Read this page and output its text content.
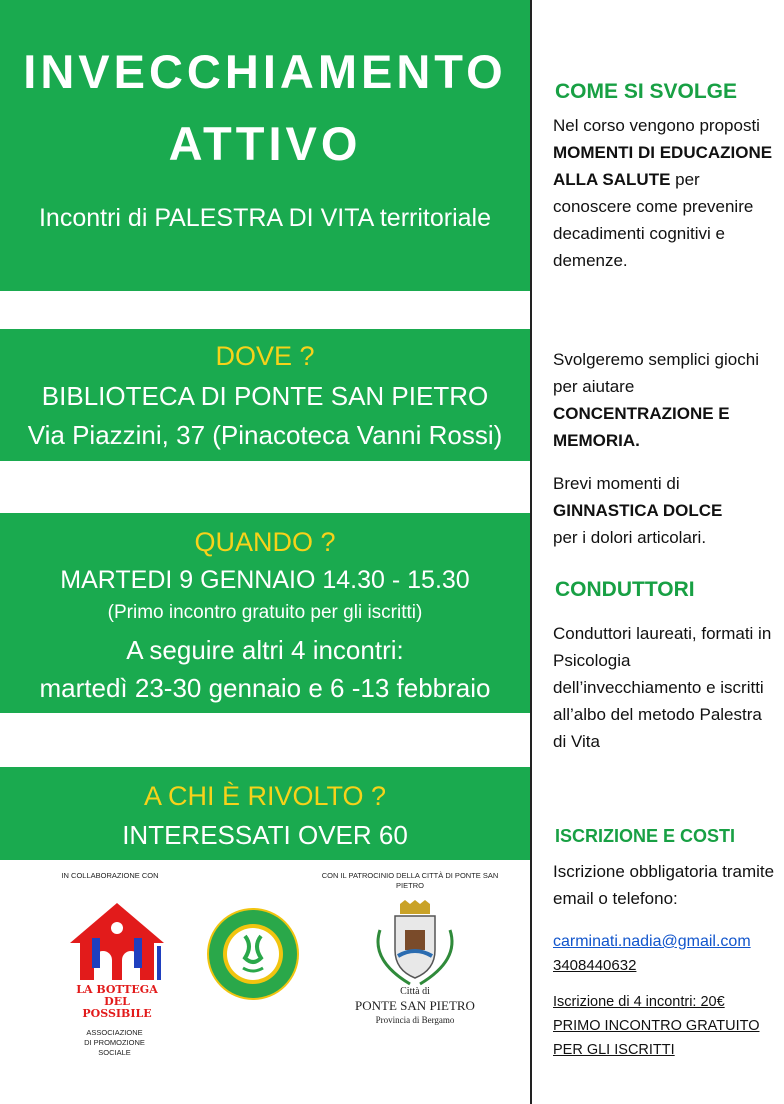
INVECCHIAMENTO
ATTIVO
Incontri di PALESTRA DI VITA territoriale
DOVE ?
BIBLIOTECA DI PONTE SAN PIETRO
Via Piazzini, 37 (Pinacoteca Vanni Rossi)
QUANDO ?
MARTEDI 9 GENNAIO 14.30 - 15.30
(Primo incontro gratuito per gli iscritti)
A seguire altri 4 incontri:
martedì 23-30 gennaio e 6 -13 febbraio
A CHI È RIVOLTO ?
INTERESSATI OVER 60
IN COLLABORAZIONE CON
LA BOTTEGA
DEL
POSSIBILE
ASSOCIAZIONE
DI PROMOZIONE
SOCIALE
CON IL PATROCINIO DELLA CITTÀ DI PONTE SAN PIETRO
Città di
PONTE SAN PIETRO
Provincia di Bergamo
COME SI SVOLGE
Nel corso vengono proposti
MOMENTI DI EDUCAZIONE ALLA SALUTE per conoscere come prevenire decadimenti cognitivi e demenze.
Svolgeremo semplici giochi per aiutare
CONCENTRAZIONE E MEMORIA.
Brevi momenti di
GINNASTICA DOLCE
per i dolori articolari.
CONDUTTORI
Conduttori laureati, formati in Psicologia dell’invecchiamento e iscritti all’albo del metodo Palestra di Vita
ISCRIZIONE E COSTI
Iscrizione obbligatoria tramite email o telefono:
carminati.nadia@gmail.com
3408440632
Iscrizione di 4 incontri: 20€
PRIMO INCONTRO GRATUITO PER GLI ISCRITTI
